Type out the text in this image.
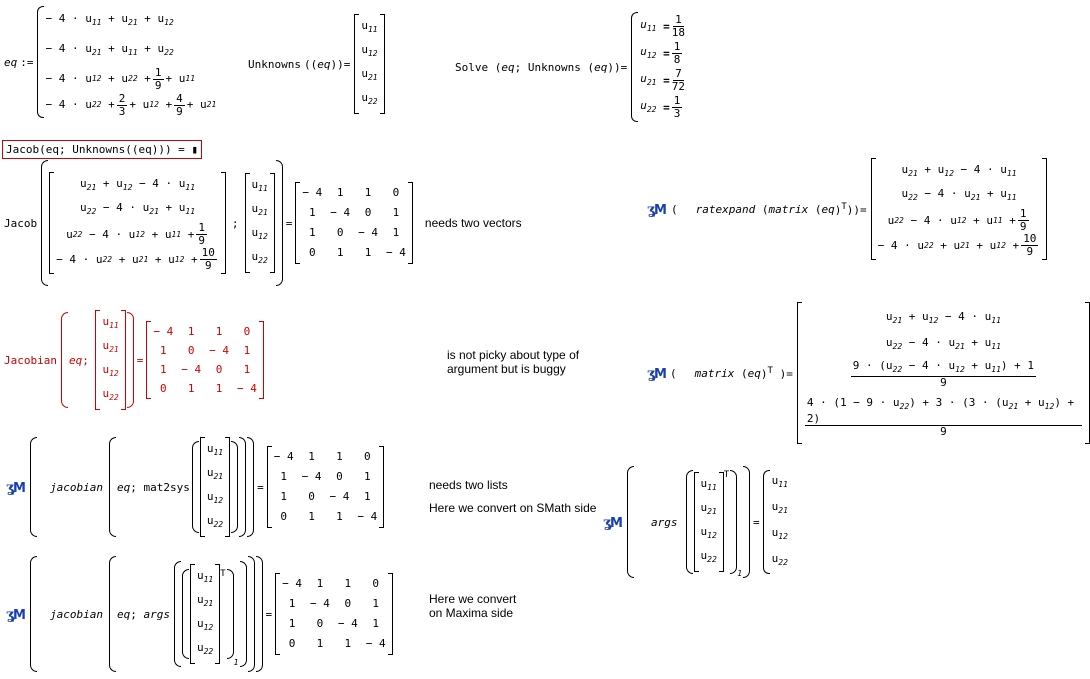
eq :=
− $4 \cdot u_{11} + u_{21} + u_{12}$
− $4 \cdot u_{21} + u_{11} + u_{22}$
− 4 · u 12 + u $22 + \frac{1}{9} + u$ 11
− 4 · u $22 + \frac{2}{3} + u$ $12 + \frac{4}{9} + u$ 21
Unknowns (( eq ))=
$u_{11}$
$u_{12}$
$u_{21}$
$u_{22}$
Solve ( eq ; Unknowns ( eq ))=
$u_{11}$
= $\frac{1}{18}$
$u_{12}$
= $\frac{1}{8}$
$u_{21}$
= $\frac{7}{72}$
$u_{22}$
= $\frac{1}{3}$
Jacob(eq; Unknowns((eq))) = ▮
Jacob
$u_{21} + u_{12} - 4 \cdot u_{11}$
$u_{22} - 4 \cdot u_{21} + u_{11}$
u 22 − 4 · u 12 + u $11 + \frac{1}{9}$
− 4 · u 22 + u 21 + u $12 + \frac{10}{9}$
;
$u_{11}$
$u_{21}$
$u_{12}$
$u_{22}$
=
− 4	1	1	0
1	− 4	0	1
1	0	− 4	1
0	1	1	− 4
needs two vectors
ʓ M ( ratexpand ( matrix ( eq )$^T$))=
$u_{21} + u_{12} - 4 \cdot u_{11}$
$u_{22} - 4 \cdot u_{21} + u_{11}$
u 22 − 4 · u 12 + u $11 + \frac{1}{9}$
− 4 · u 22 + u 21 + u $12 + \frac{10}{9}$
Jacobian eq ;
$u_{11}$
$u_{21}$
$u_{12}$
$u_{22}$
=
− 4	1	1	0
1	0	− 4	1
1	− 4	0	1
0	1	1	− 4
is not picky about type of
argument but is buggy	ʓ M ( matrix ( eq )$^T$ )=
$u_{21} + u_{12} - 4 \cdot u_{11}$
$u_{22} - 4 \cdot u_{21} + u_{11}$
$\frac{9 \cdot (u_{22} - 4 \cdot u_{12} + u_{11}) + 1}{9}$
$\frac{4 \cdot (1 - 9 \cdot u_{22}) + 3 \cdot (3 \cdot (u_{21} + u_{12}) + 2)}{9}$
ʓ M jacobian eq ; mat2sys
$u_{11}$
$u_{21}$
$u_{12}$
$u_{22}$
=
− 4	1	1	0
1	− 4	0	1
1	0	− 4	1
0	1	1	− 4
needs two lists
Here we convert on SMath side
ʓ M	args
$u_{11}$
$u_{21}$
$u_{12}$
$u_{22}$
$^T$
$_1$
=
$u_{11}$
$u_{21}$
$u_{12}$
$u_{22}$
ʓ M jacobian eq ; args
$u_{11}$
$u_{21}$
$u_{12}$
$u_{22}$
$^T$
$_1$
=
− 4	1	1	0
1	− 4	0	1
1	0	− 4	1
0	1	1	− 4
Here we convert
on Maxima side
